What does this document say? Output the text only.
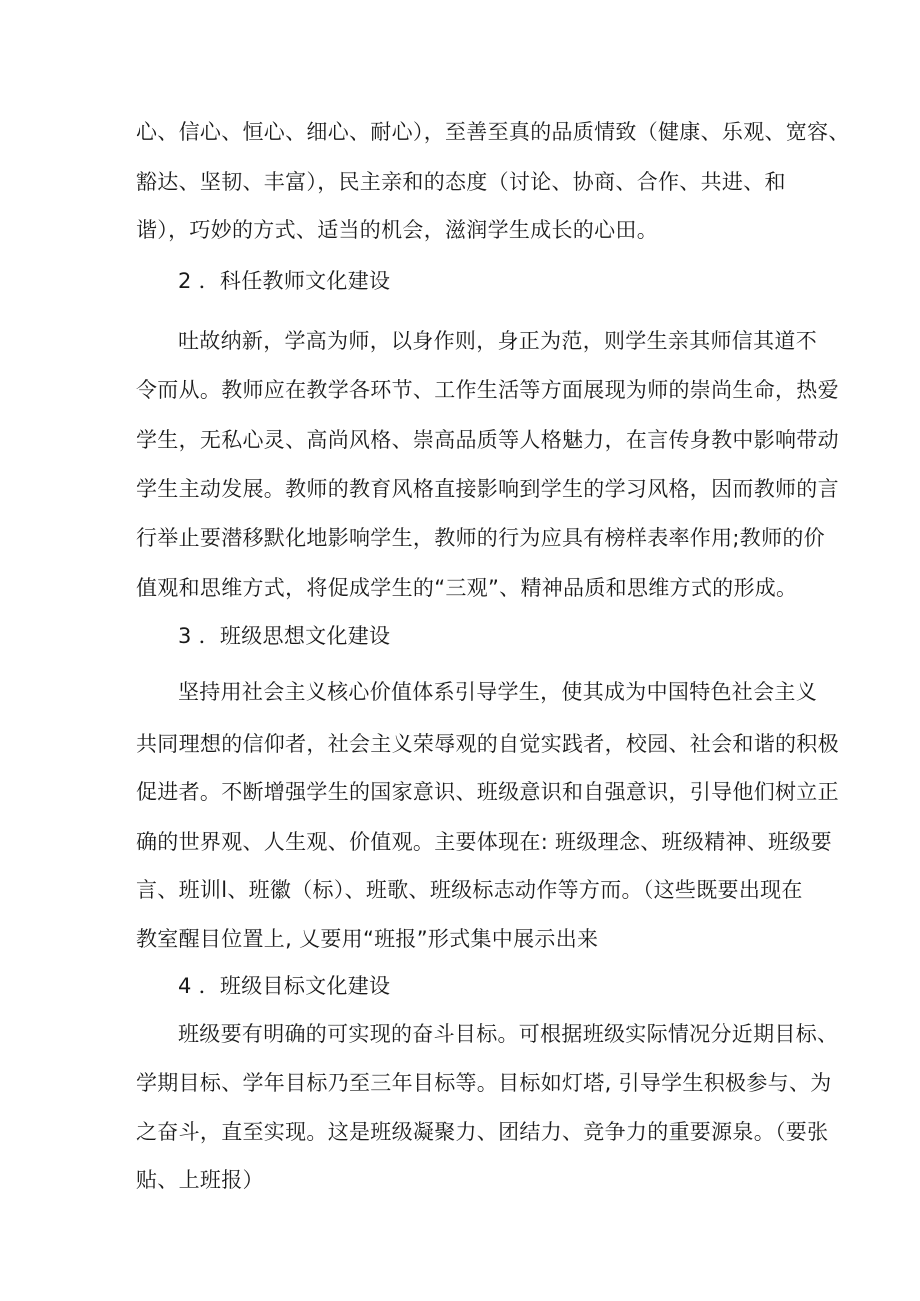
心、信心、恒心、细心、耐心），至善至真的品质情致（健康、乐观、宽容、
豁达、坚韧、丰富），民主亲和的态度（讨论、协商、合作、共进、和
谐），巧妙的方式、适当的机会，滋润学生成长的心田。
2 ．科任教师文化建设
吐故纳新，学高为师，以身作则，身正为范，则学生亲其师信其道不
令而从。教师应在教学各环节、工作生活等方面展现为师的崇尚生命，热爱
学生，无私心灵、高尚风格、崇高品质等人格魅力，在言传身教中影响带动
学生主动发展。教师的教育风格直接影响到学生的学习风格，因而教师的言
行举止要潜移默化地影响学生，教师的行为应具有榜样表率作用;教师的价
值观和思维方式，将促成学生的“三观”、精神品质和思维方式的形成。
3 ．班级思想文化建设
坚持用社会主义核心价值体系引导学生，使其成为中国特色社会主义
共同理想的信仰者，社会主义荣辱观的自觉实践者，校园、社会和谐的积极
促进者。不断增强学生的国家意识、班级意识和自强意识，引导他们树立正
确的世界观、人生观、价值观。主要体现在: 班级理念、班级精神、班级要
言、班训l、班徽（标）、班歌、班级标志动作等方而。（这些既要出现在
教室醒目位置上, 乂要用“班报”形式集中展示出来
4 ．班级目标文化建设
班级要有明确的可实现的奋斗目标。可根据班级实际情况分近期目标、
学期目标、学年目标乃至三年目标等。目标如灯塔, 引导学生积极参与、为
之奋斗，直至实现。这是班级凝聚力、团结力、竞争力的重要源泉。（要张
贴、上班报）
